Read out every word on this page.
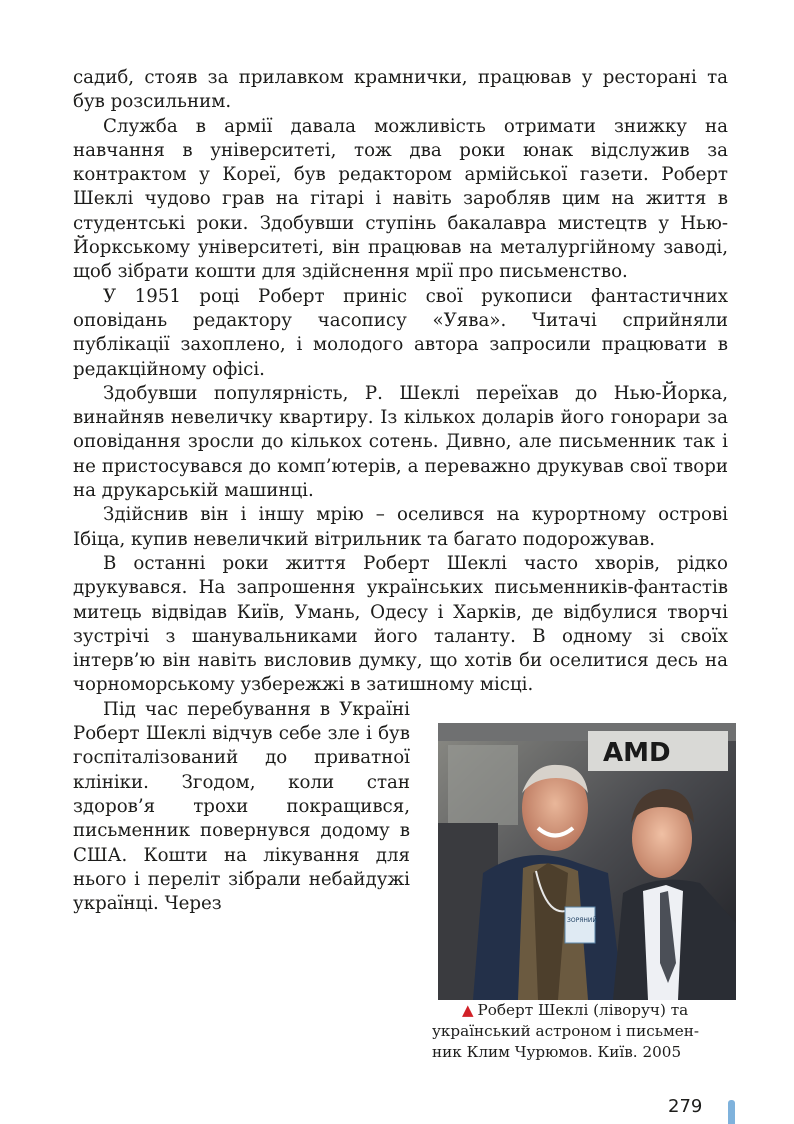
садиб, стояв за прилавком крамнички, працював у ресторані та був розсильним.

Служба в армії давала можливість отримати знижку на навчання в університеті, тож два роки юнак відслужив за контрактом у Кореї, був редактором армійської газети. Роберт Шеклі чудово грав на гітарі і навіть заробляв цим на життя в студентські роки. Здобувши ступінь бакалавра мистецтв у Нью-Йоркському університеті, він працював на металургійному заводі, щоб зібрати кошти для здійснення мрії про письменство.

У 1951 році Роберт приніс свої рукописи фантастичних оповідань редактору часопису «Уява». Читачі сприйняли публікації захоплено, і молодого автора запросили працювати в редакційному офісі.

Здобувши популярність, Р. Шеклі переїхав до Нью-Йорка, винайняв невеличку квартиру. Із кількох доларів його гонорари за оповідання зросли до кількох сотень. Дивно, але письменник так і не пристосувався до комп’ютерів, а переважно друкував свої твори на друкарській машинці.

Здійснив він і іншу мрію – оселився на курортному острові Ібіца, купив невеличкий вітрильник та багато подорожував.

В останні роки життя Роберт Шеклі часто хворів, рідко друкувався. На запрошення українських письменників-фантастів митець відвідав Київ, Умань, Одесу і Харків, де відбулися творчі зустрічі з шанувальниками його таланту. В одному зі своїх інтерв’ю він навіть висловив думку, що хотів би оселитися десь на чорноморському узбережжі в затишному місці.

AMD
ЗОРЯНИЙ

▲ Роберт Шеклі (ліворуч) та
український астроном і письмен-
ник Клим Чурюмов. Київ. 2005

Під час перебування в Україні Роберт Шеклі відчув себе зле і був госпіталізований до приватної клініки. Згодом, коли стан здоров’я трохи покращився, письменник повернувся додому в США. Кошти на лікування для нього і переліт зібрали небайдужі українці. Через

279
